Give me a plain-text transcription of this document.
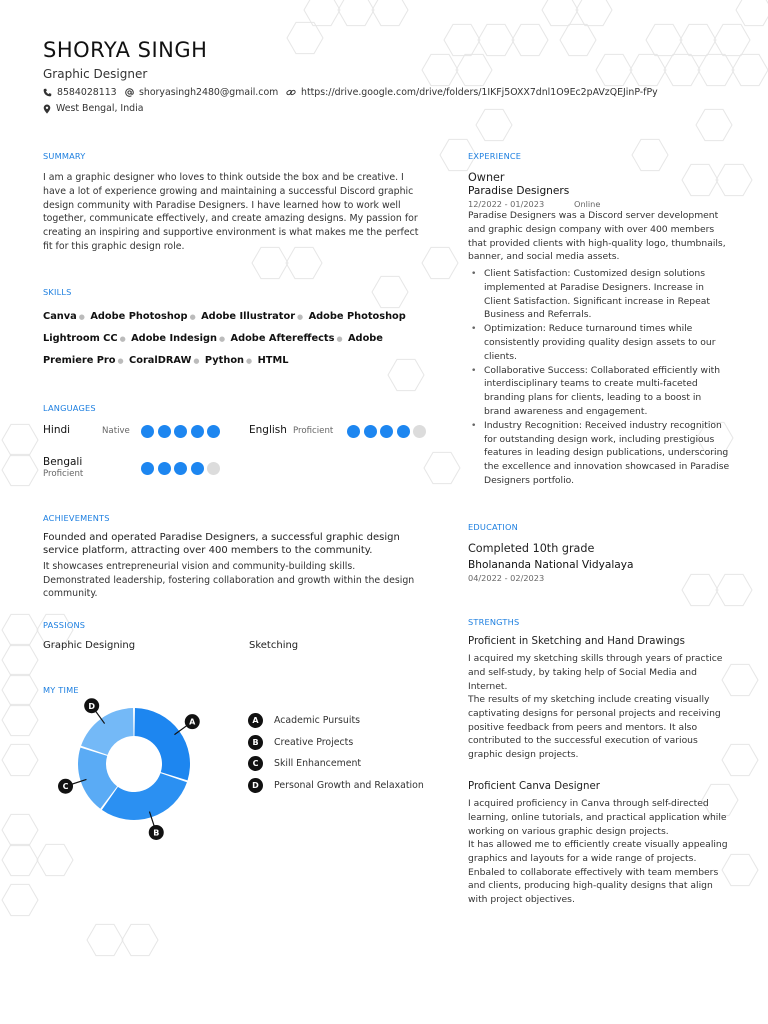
SHORYA SINGH
Graphic Designer
8584028113 shoryasingh2480@gmail.com https://drive.google.com/drive/folders/1IKFj5OXX7dnl1O9Ec2pAVzQEJinP-fPy
West Bengal, India
SUMMARY
I am a graphic designer who loves to think outside the box and be creative. I have a lot of experience growing and maintaining a successful Discord graphic design community with Paradise Designers. I have learned how to work well together, communicate effectively, and create amazing designs. My passion for creating an inspiring and supportive environment is what makes me the perfect fit for this graphic design role.
SKILLS
Canva ● Adobe Photoshop ● Adobe Illustrator ● Adobe Photoshop Lightroom CC ● Adobe Indesign ● Adobe Aftereffects ● Adobe Premiere Pro ● CoralDRAW ● Python ● HTML
LANGUAGES
Hindi	Native	English Proficient
Bengali
Proficient
ACHIEVEMENTS
Founded and operated Paradise Designers, a successful graphic design service platform, attracting over 400 members to the community.
It showcases entrepreneurial vision and community-building skills. Demonstrated leadership, fostering collaboration and growth within the design community.
PASSIONS
Graphic Designing	Sketching
MY TIME
A
B
C
D
A	Academic Pursuits
B	Creative Projects
C	Skill Enhancement
D	Personal Growth and Relaxation
EXPERIENCE
Owner
Paradise Designers
12/2022 - 01/2023	Online
Paradise Designers was a Discord server development and graphic design company with over 400 members that provided clients with high-quality logo, thumbnails, banner, and social media assets.
• Client Satisfaction: Customized design solutions implemented at Paradise Designers. Increase in Client Satisfaction. Significant increase in Repeat Business and Referrals.
• Optimization: Reduce turnaround times while consistently providing quality design assets to our clients.
• Collaborative Success: Collaborated efficiently with interdisciplinary teams to create multi-faceted branding plans for clients, leading to a boost in brand awareness and engagement.
• Industry Recognition: Received industry recognition for outstanding design work, including prestigious features in leading design publications, underscoring the excellence and innovation showcased in Paradise Designers portfolio.
EDUCATION
Completed 10th grade
Bholananda National Vidyalaya
04/2022 - 02/2023
STRENGTHS
Proficient in Sketching and Hand Drawings
I acquired my sketching skills through years of practice and self-study, by taking help of Social Media and Internet.
The results of my sketching include creating visually captivating designs for personal projects and receiving positive feedback from peers and mentors. It also contributed to the successful execution of various graphic design projects.
Proficient Canva Designer
I acquired proficiency in Canva through self-directed learning, online tutorials, and practical application while working on various graphic design projects.
It has allowed me to efficiently create visually appealing graphics and layouts for a wide range of projects. Enbaled to collaborate effectively with team members and clients, producing high-quality designs that align with project objectives.
